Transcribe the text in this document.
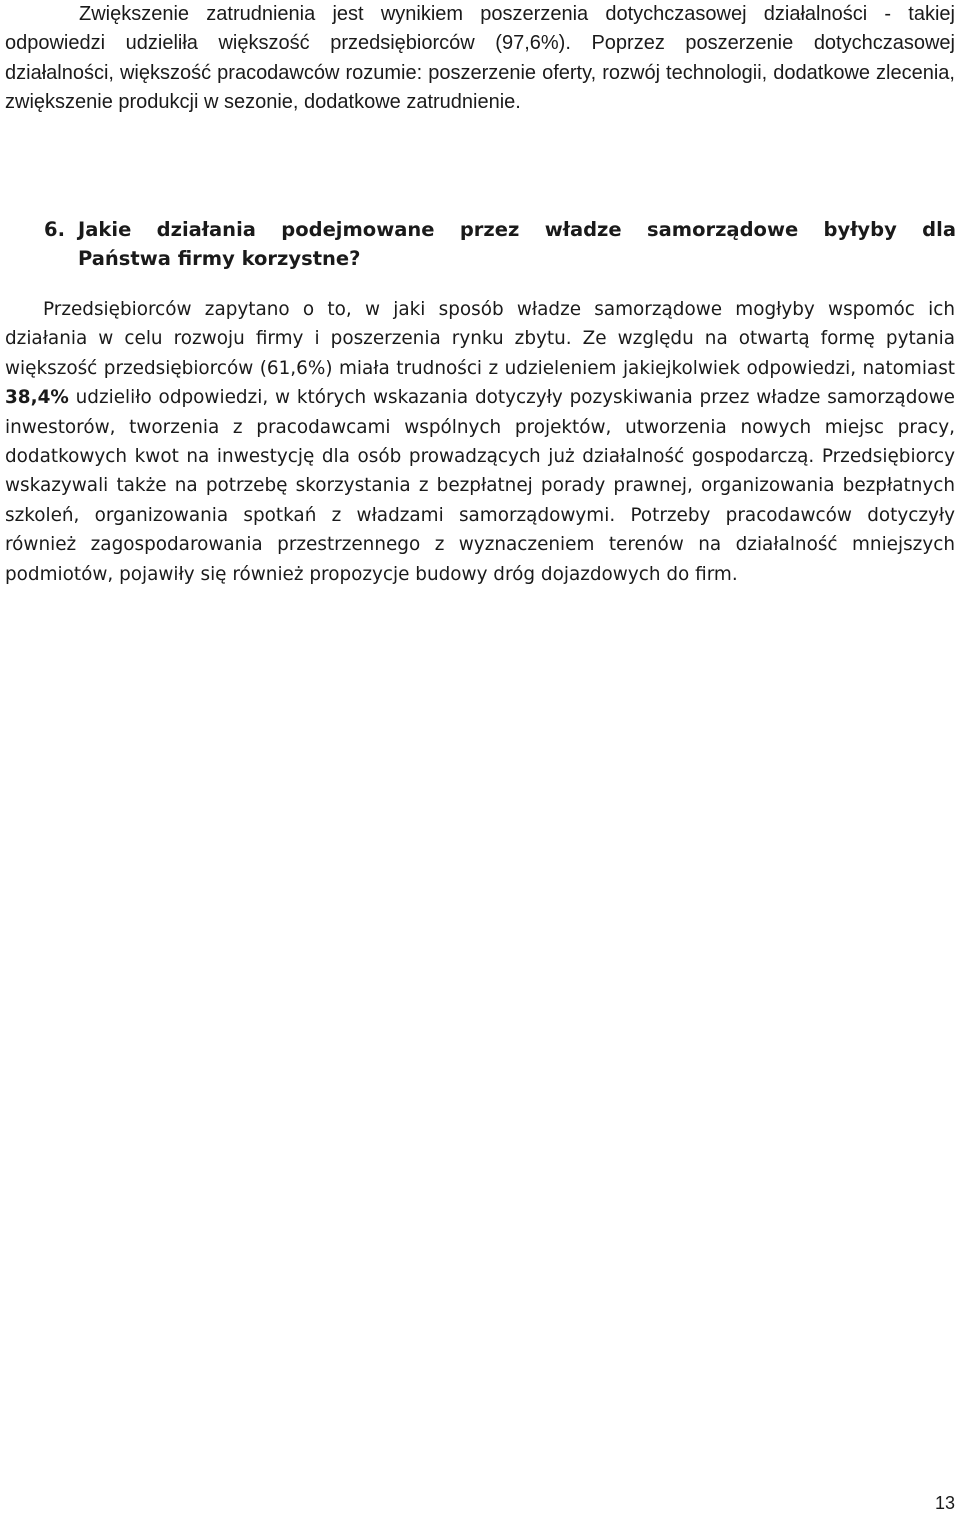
Zwiększenie zatrudnienia jest wynikiem poszerzenia dotychczasowej działalności - takiej odpowiedzi udzieliła większość przedsiębiorców (97,6%). Poprzez poszerzenie dotychczasowej działalności, większość pracodawców rozumie: poszerzenie oferty, rozwój technologii, dodatkowe zlecenia, zwiększenie produkcji w sezonie, dodatkowe zatrudnienie.

6. Jakie działania podejmowane przez władze samorządowe byłyby dla
Państwa firmy korzystne?

Przedsiębiorców zapytano o to, w jaki sposób władze samorządowe mogłyby wspomóc ich działania w celu rozwoju firmy i poszerzenia rynku zbytu. Ze względu na otwartą formę pytania większość przedsiębiorców (61,6%) miała trudności z udzieleniem jakiejkolwiek odpowiedzi, natomiast 38,4% udzieliło odpowiedzi, w których wskazania dotyczyły pozyskiwania przez władze samorządowe inwestorów, tworzenia z pracodawcami wspólnych projektów, utworzenia nowych miejsc pracy, dodatkowych kwot na inwestycję dla osób prowadzących już działalność gospodarczą. Przedsiębiorcy wskazywali także na potrzebę skorzystania z bezpłatnej porady prawnej, organizowania bezpłatnych szkoleń, organizowania spotkań z władzami samorządowymi. Potrzeby pracodawców dotyczyły również zagospodarowania przestrzennego z wyznaczeniem terenów na działalność mniejszych podmiotów, pojawiły się również propozycje budowy dróg dojazdowych do firm.

13
